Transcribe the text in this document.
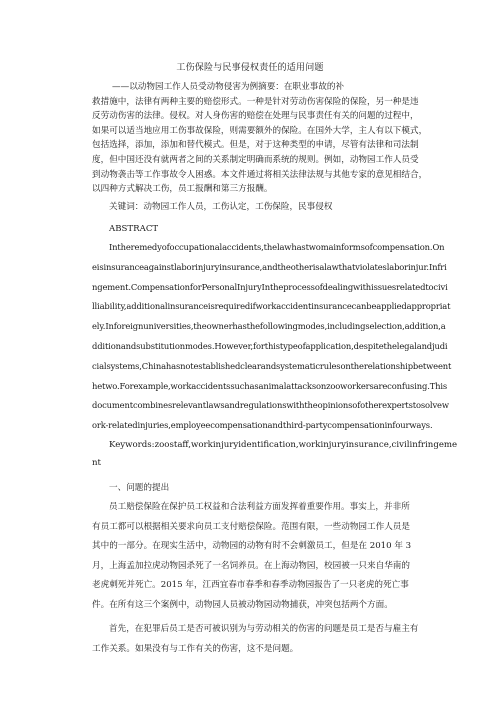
工伤保险与民事侵权责任的适用问题
——以动物园工作人员受动物侵害为例摘要：在职业事故的补
救措施中，法律有两种主要的赔偿形式。一种是针对劳动伤害保险的保险，另一种是违
反劳动伤害的法律。侵权。对人身伤害的赔偿在处理与民事责任有关的问题的过程中，
如果可以适当地应用工伤事故保险，则需要额外的保险。在国外大学，主人有以下模式，
包括选择，添加，添加和替代模式。但是，对于这种类型的申请，尽管有法律和司法制
度，但中国还没有就两者之间的关系制定明确而系统的规则。例如，动物园工作人员受
到动物袭击等工作事故令人困惑。本文件通过将相关法律法规与其他专家的意见相结合，
以四种方式解决工伤，员工报酬和第三方报酬。
关键词：动物园工作人员，工伤认定，工伤保险，民事侵权
ABSTRACT
Intheremedyofoccupationalaccidents,thelawhastwomainformsofcompensation.On
eisinsuranceagainstlaborinjuryinsurance,andtheotherisalawthatviolateslaborinjur.Infri
ngement.CompensationforPersonalInjuryIntheprocessofdealingwithissuesrelatedtocivi
lliability,additionalinsuranceisrequiredifworkaccidentinsurancecanbeappliedappropriat
ely.Inforeignuniversities,theownerhasthefollowingmodes,includingselection,addition,a
dditionandsubstitutionmodes.However,forthistypeofapplication,despitethelegalandjudi
cialsystems,Chinahasnotestablishedclearandsystematicrulesontherelationshipbetweent
hetwo.Forexample,workaccidentssuchasanimalattacksonzooworkersareconfusing.This
documentcombinesrelevantlawsandregulationswiththeopinionsofotherexpertstosolvew
ork-relatedinjuries,employeecompensationandthird-partycompensationinfourways.
Keywords:zoostaff,workinjuryidentification,workinjuryinsurance,civilinfringeme
nt
一、问题的提出
员工赔偿保险在保护员工权益和合法利益方面发挥着重要作用。事实上，并非所
有员工都可以根据相关要求向员工支付赔偿保险。范围有限，一些动物园工作人员是
其中的一部分。在现实生活中，动物园的动物有时不会刺激员工，但是在 2010 年 3
月，上海孟加拉虎动物园杀死了一名饲养员。在上海动物园，校园被一只来自华南的
老虎刺死并死亡。2015 年，江西宜春市春季和春季动物园报告了一只老虎的死亡事
件。在所有这三个案例中，动物园人员被动物园动物捕获，冲突包括两个方面。
首先，在犯罪后员工是否可被识别为与劳动相关的伤害的问题是员工是否与雇主有
工作关系。如果没有与工作有关的伤害，这不是问题。
